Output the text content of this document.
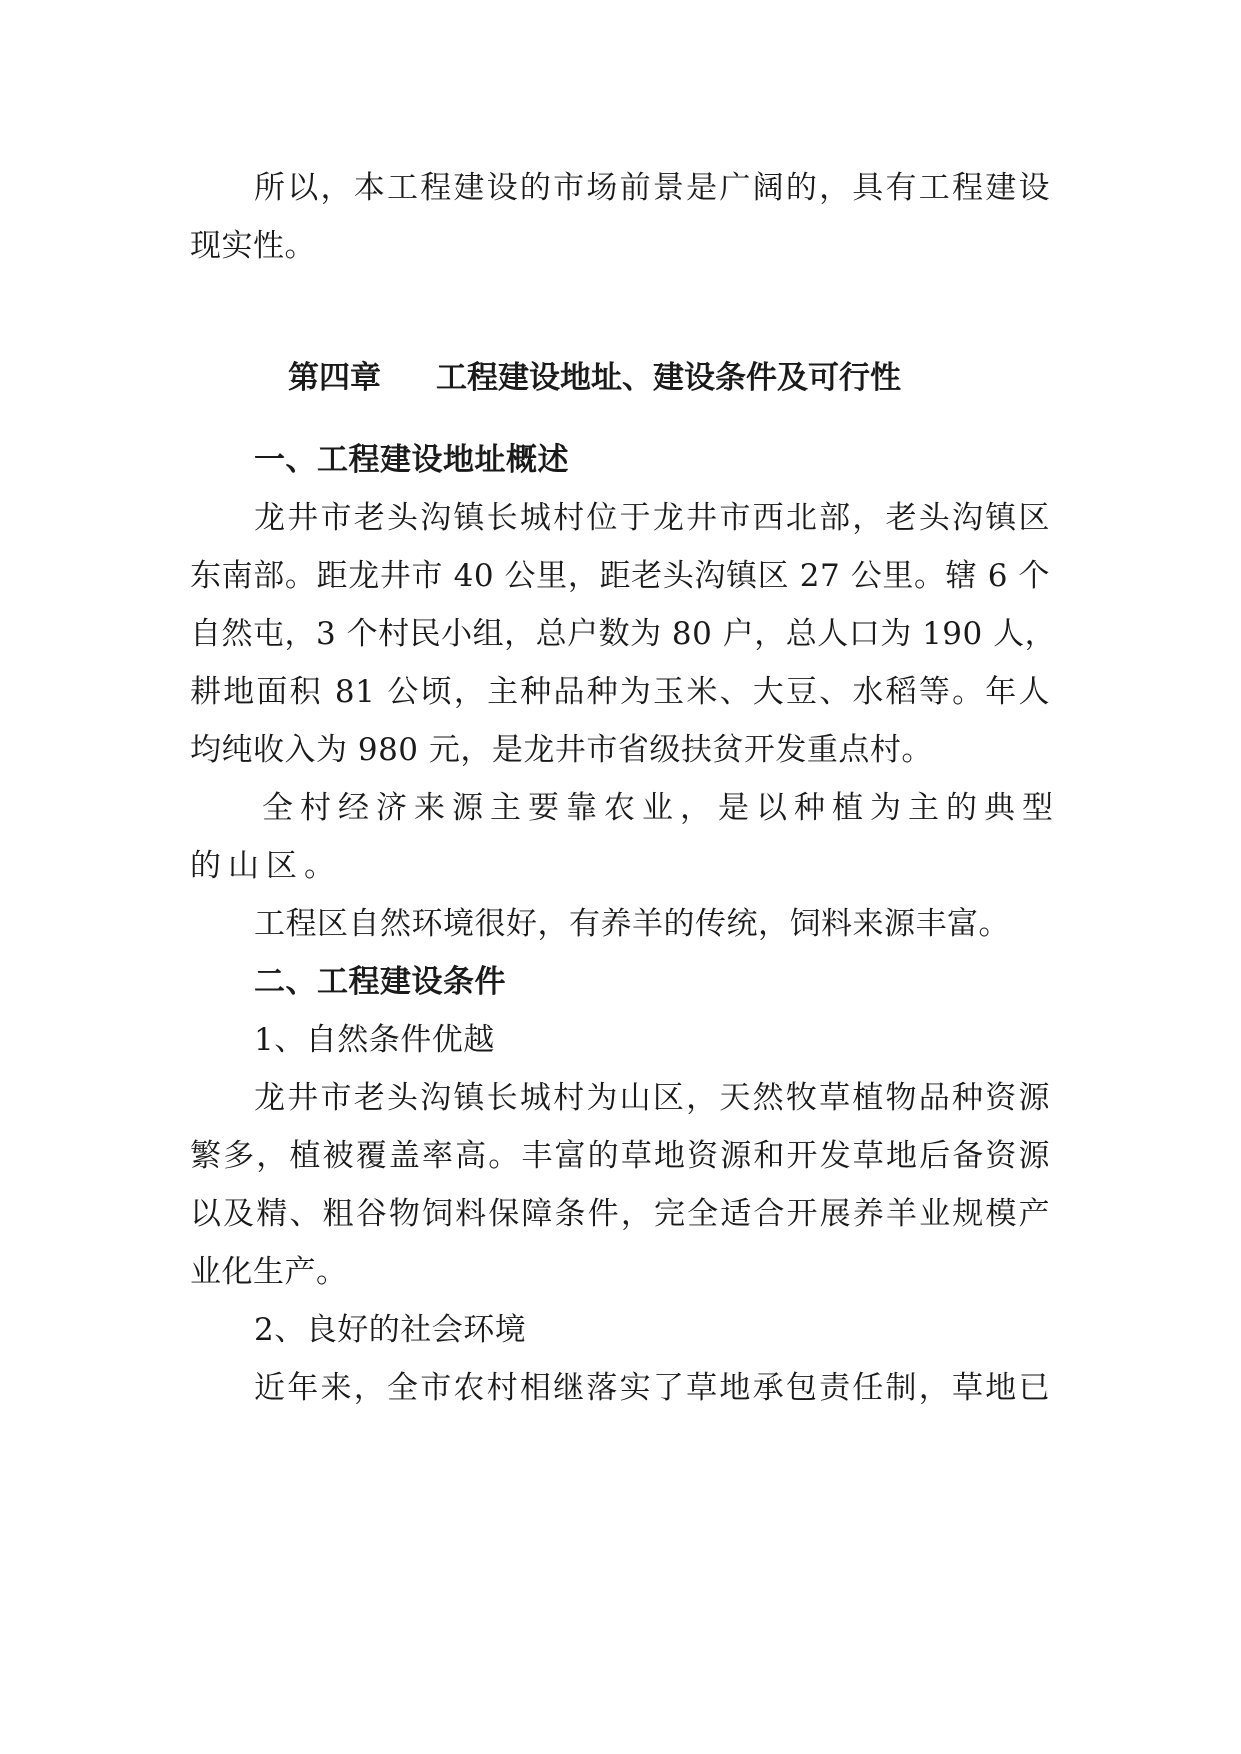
所以，本工程建设的市场前景是广阔的，具有工程建设
现实性。
第四章 工程建设地址、建设条件及可行性
一、工程建设地址概述
龙井市老头沟镇长城村位于龙井市西北部，老头沟镇区
东南部。距龙井市 40 公里，距老头沟镇区 27 公里。辖 6 个
自然屯，3 个村民小组，总户数为 80 户，总人口为 190 人，
耕地面积 81 公顷，主种品种为玉米、大豆、水稻等。年人
均纯收入为 980 元，是龙井市省级扶贫开发重点村。
全村经济来源主要靠农业，是以种植为主的典型
的山区。
工程区自然环境很好，有养羊的传统，饲料来源丰富。
二、工程建设条件
1、自然条件优越
龙井市老头沟镇长城村为山区，天然牧草植物品种资源
繁多，植被覆盖率高。丰富的草地资源和开发草地后备资源
以及精、粗谷物饲料保障条件，完全适合开展养羊业规模产
业化生产。
2、良好的社会环境
近年来，全市农村相继落实了草地承包责任制，草地已
